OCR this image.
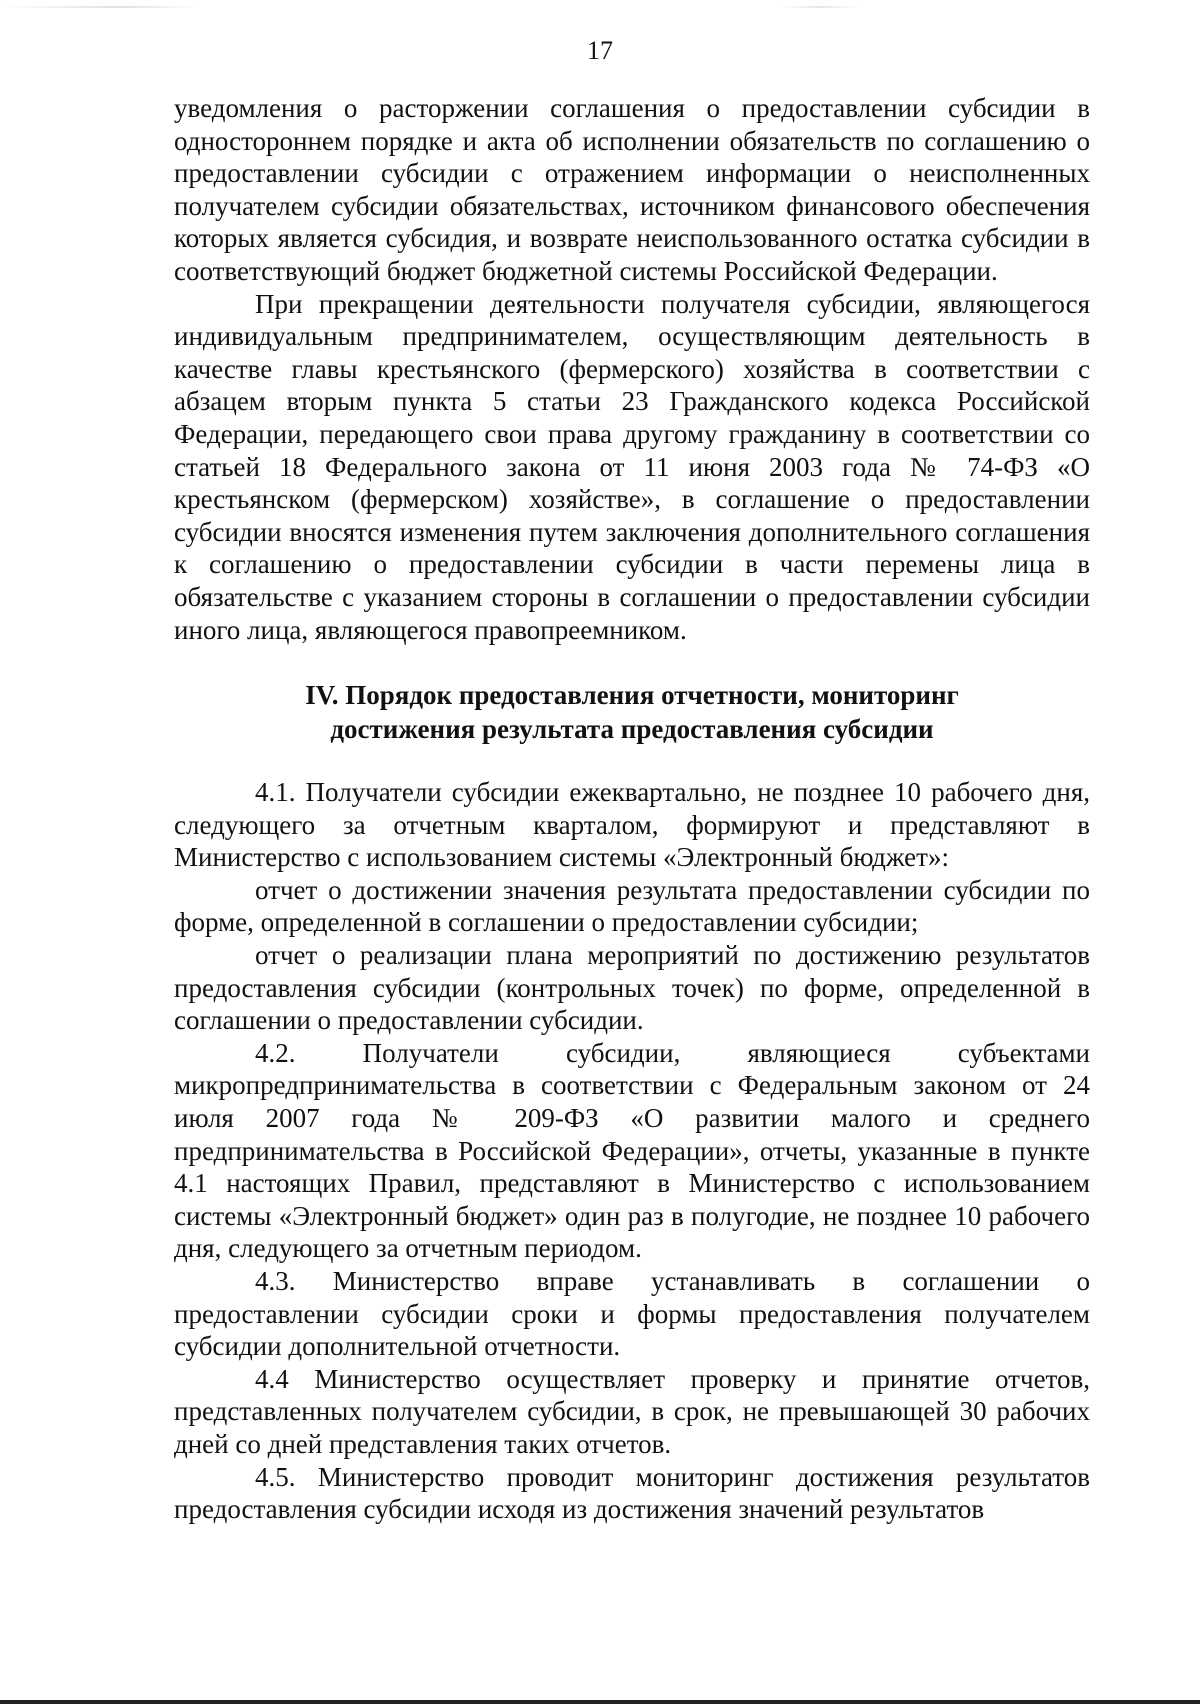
17

уведомления о расторжении соглашения о предоставлении субсидии в одностороннем порядке и акта об исполнении обязательств по соглашению о предоставлении субсидии с отражением информации о неисполненных получателем субсидии обязательствах, источником финансового обеспечения которых является субсидия, и возврате неиспользованного остатка субсидии в соответствующий бюджет бюджетной системы Российской Федерации.

При прекращении деятельности получателя субсидии, являющегося индивидуальным предпринимателем, осуществляющим деятельность в качестве главы крестьянского (фермерского) хозяйства в соответствии с абзацем вторым пункта 5 статьи 23 Гражданского кодекса Российской Федерации, передающего свои права другому гражданину в соответствии со статьей 18 Федерального закона от 11 июня 2003 года № 74-ФЗ «О крестьянском (фермерском) хозяйстве», в соглашение о предоставлении субсидии вносятся изменения путем заключения дополнительного соглашения к соглашению о предоставлении субсидии в части перемены лица в обязательстве с указанием стороны в соглашении о предоставлении субсидии иного лица, являющегося правопреемником.

IV. Порядок предоставления отчетности, мониторинг
достижения результата предоставления субсидии

4.1. Получатели субсидии ежеквартально, не позднее 10 рабочего дня, следующего за отчетным кварталом, формируют и представляют в Министерство с использованием системы «Электронный бюджет»:

отчет о достижении значения результата предоставлении субсидии по форме, определенной в соглашении о предоставлении субсидии;

отчет о реализации плана мероприятий по достижению результатов предоставления субсидии (контрольных точек) по форме, определенной в соглашении о предоставлении субсидии.

4.2. Получатели субсидии, являющиеся субъектами микропредпринимательства в соответствии с Федеральным законом от 24 июля 2007 года № 209-ФЗ «О развитии малого и среднего предпринимательства в Российской Федерации», отчеты, указанные в пункте 4.1 настоящих Правил, представляют в Министерство с использованием системы «Электронный бюджет» один раз в полугодие, не позднее 10 рабочего дня, следующего за отчетным периодом.

4.3. Министерство вправе устанавливать в соглашении о предоставлении субсидии сроки и формы предоставления получателем субсидии дополнительной отчетности.

4.4 Министерство осуществляет проверку и принятие отчетов, представленных получателем субсидии, в срок, не превышающей 30 рабочих дней со дней представления таких отчетов.

4.5. Министерство проводит мониторинг достижения результатов предоставления субсидии исходя из достижения значений результатов
